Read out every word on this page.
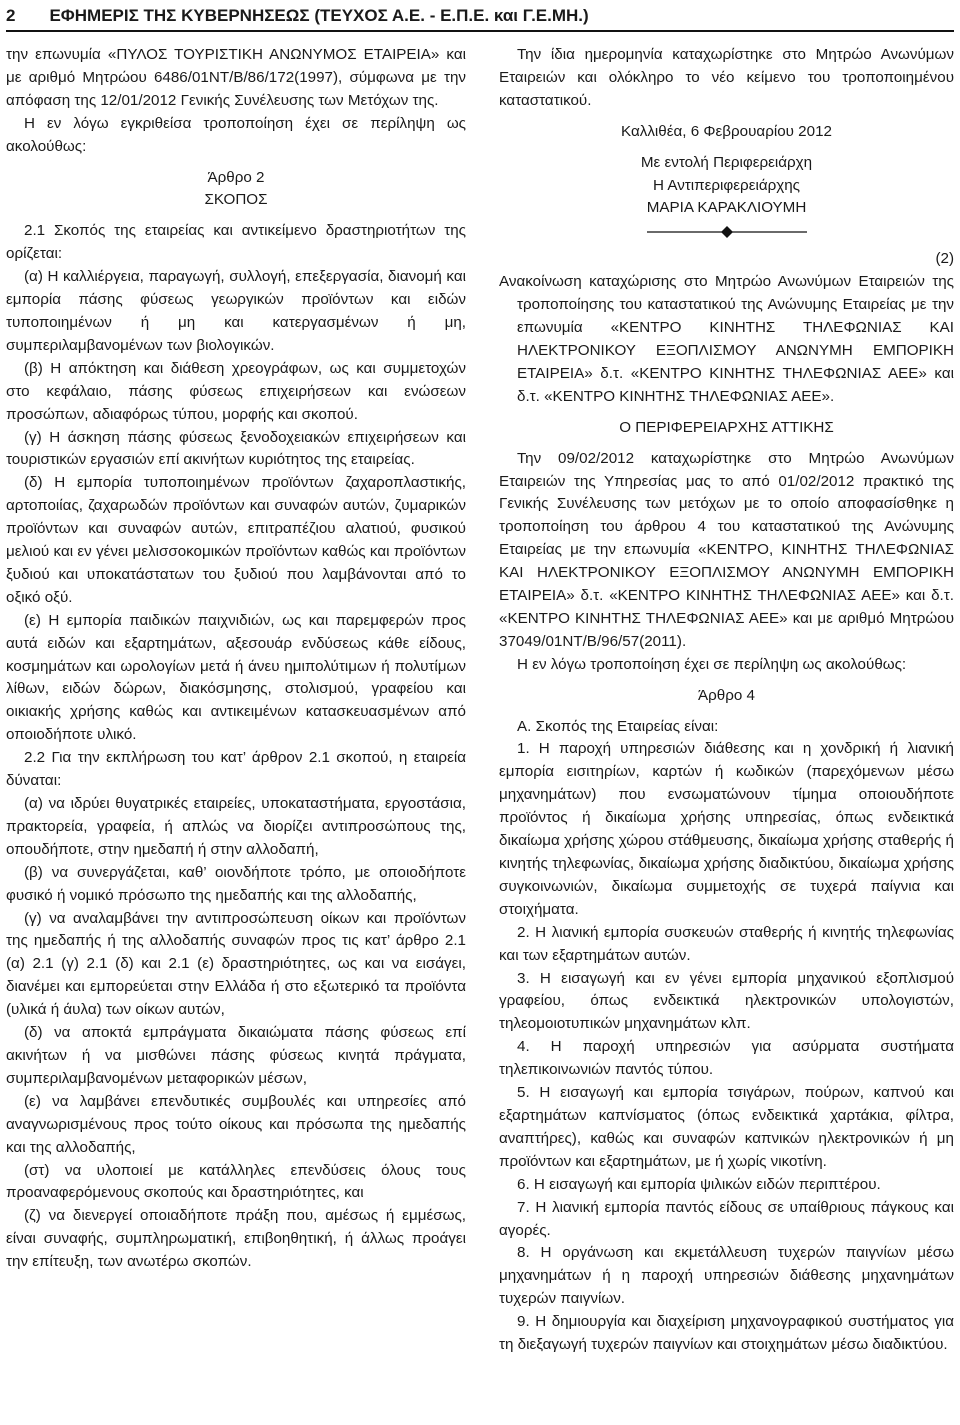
2 ΕΦΗΜΕΡΙΣ ΤΗΣ ΚΥΒΕΡΝΗΣΕΩΣ (ΤΕΥΧΟΣ Α.Ε. - Ε.Π.Ε. και Γ.Ε.ΜΗ.)

την επωνυμία «ΠΥΛΟΣ ΤΟΥΡΙΣΤΙΚΗ ΑΝΩΝΥΜΟΣ ΕΤΑΙΡΕΙΑ» και με αριθμό Μητρώου 6486/01ΝΤ/Β/86/172(1997), σύμφωνα με την απόφαση της 12/01/2012 Γενικής Συνέλευσης των Μετόχων της.

Η εν λόγω εγκριθείσα τροποποίηση έχει σε περίληψη ως ακολούθως:

Άρθρο 2

ΣΚΟΠΟΣ

2.1 Σκοπός της εταιρείας και αντικείμενο δραστηριοτήτων της ορίζεται:

(α) Η καλλιέργεια, παραγωγή, συλλογή, επεξεργασία, διανομή και εμπορία πάσης φύσεως γεωργικών προϊόντων και ειδών τυποποιημένων ή μη και κατεργασμένων ή μη, συμπεριλαμβανομένων των βιολογικών.

(β) Η απόκτηση και διάθεση χρεογράφων, ως και συμμετοχών στο κεφάλαιο, πάσης φύσεως επιχειρήσεων και ενώσεων προσώπων, αδιαφόρως τύπου, μορφής και σκοπού.

(γ) Η άσκηση πάσης φύσεως ξενοδοχειακών επιχειρήσεων και τουριστικών εργασιών επί ακινήτων κυριότητος της εταιρείας.

(δ) Η εμπορία τυποποιημένων προϊόντων ζαχαροπλαστικής, αρτοποιίας, ζαχαρωδών προϊόντων και συναφών αυτών, ζυμαρικών προϊόντων και συναφών αυτών, επιτραπέζιου αλατιού, φυσικού μελιού και εν γένει μελισσοκομικών προϊόντων καθώς και προϊόντων ξυδιού και υποκατάστατων του ξυδιού που λαμβάνονται από το οξικό οξύ.

(ε) Η εμπορία παιδικών παιχνιδιών, ως και παρεμφερών προς αυτά ειδών και εξαρτημάτων, αξεσουάρ ενδύσεως κάθε είδους, κοσμημάτων και ωρολογίων μετά ή άνευ ημιπολύτιμων ή πολυτίμων λίθων, ειδών δώρων, διακόσμησης, στολισμού, γραφείου και οικιακής χρήσης καθώς και αντικειμένων κατασκευασμένων από οποιοδήποτε υλικό.

2.2 Για την εκπλήρωση του κατ’ άρθρον 2.1 σκοπού, η εταιρεία δύναται:

(α) να ιδρύει θυγατρικές εταιρείες, υποκαταστήματα, εργοστάσια, πρακτορεία, γραφεία, ή απλώς να διορίζει αντιπροσώπους της, οπουδήποτε, στην ημεδαπή ή στην αλλοδαπή,

(β) να συνεργάζεται, καθ’ οιονδήποτε τρόπο, με οποιοδήποτε φυσικό ή νομικό πρόσωπο της ημεδαπής και της αλλοδαπής,

(γ) να αναλαμβάνει την αντιπροσώπευση οίκων και προϊόντων της ημεδαπής ή της αλλοδαπής συναφών προς τις κατ’ άρθρο 2.1 (α) 2.1 (γ) 2.1 (δ) και 2.1 (ε) δραστηριότητες, ως και να εισάγει, διανέμει και εμπορεύεται στην Ελλάδα ή στο εξωτερικό τα προϊόντα (υλικά ή άυλα) των οίκων αυτών,

(δ) να αποκτά εμπράγματα δικαιώματα πάσης φύσεως επί ακινήτων ή να μισθώνει πάσης φύσεως κινητά πράγματα, συμπεριλαμβανομένων μεταφορικών μέσων,

(ε) να λαμβάνει επενδυτικές συμβουλές και υπηρεσίες από αναγνωρισμένους προς τούτο οίκους και πρόσωπα της ημεδαπής και της αλλοδαπής,

(στ) να υλοποιεί με κατάλληλες επενδύσεις όλους τους προαναφερόμενους σκοπούς και δραστηριότητες, και

(ζ) να διενεργεί οποιαδήποτε πράξη που, αμέσως ή εμμέσως, είναι συναφής, συμπληρωματική, επιβοηθητική, ή άλλως προάγει την επίτευξη, των ανωτέρω σκοπών.

Την ίδια ημερομηνία καταχωρίστηκε στο Μητρώο Ανωνύμων Εταιρειών και ολόκληρο το νέο κείμενο του τροποποιημένου καταστατικού.

Καλλιθέα, 6 Φεβρουαρίου 2012

Με εντολή Περιφερειάρχη

Η Αντιπεριφερειάρχης

ΜΑΡΙΑ ΚΑΡΑΚΛΙΟΥΜΗ

(2)

Ανακοίνωση καταχώρισης στο Μητρώο Ανωνύμων Εταιρειών της τροποποίησης του καταστατικού της Ανώνυμης Εταιρείας με την επωνυμία «ΚΕΝΤΡΟ ΚΙΝΗΤΗΣ ΤΗΛΕΦΩΝΙΑΣ ΚΑΙ ΗΛΕΚΤΡΟΝΙΚΟΥ ΕΞΟΠΛΙΣΜΟΥ ΑΝΩΝΥΜΗ ΕΜΠΟΡΙΚΗ ΕΤΑΙΡΕΙΑ» δ.τ. «ΚΕΝΤΡΟ ΚΙΝΗΤΗΣ ΤΗΛΕΦΩΝΙΑΣ ΑΕΕ» και δ.τ. «ΚΕΝΤΡΟ ΚΙΝΗΤΗΣ ΤΗΛΕΦΩΝΙΑΣ ΑΕΕ».

Ο ΠΕΡΙΦΕΡΕΙΑΡΧΗΣ ΑΤΤΙΚΗΣ

Την 09/02/2012 καταχωρίστηκε στο Μητρώο Ανωνύμων Εταιρειών της Υπηρεσίας μας το από 01/02/2012 πρακτικό της Γενικής Συνέλευσης των μετόχων με το οποίο αποφασίσθηκε η τροποποίηση του άρθρου 4 του καταστατικού της Ανώνυμης Εταιρείας με την επωνυμία «ΚΕΝΤΡΟ, ΚΙΝΗΤΗΣ ΤΗΛΕΦΩΝΙΑΣ ΚΑΙ ΗΛΕΚΤΡΟΝΙΚΟΥ ΕΞΟΠΛΙΣΜΟΥ ΑΝΩΝΥΜΗ ΕΜΠΟΡΙΚΗ ΕΤΑΙΡΕΙΑ» δ.τ. «ΚΕΝΤΡΟ ΚΙΝΗΤΗΣ ΤΗΛΕΦΩΝΙΑΣ ΑΕΕ» και δ.τ. «ΚΕΝΤΡΟ ΚΙΝΗΤΗΣ ΤΗΛΕΦΩΝΙΑΣ ΑΕΕ» και με αριθμό Μητρώου 37049/01ΝΤ/Β/96/57(2011).

Η εν λόγω τροποποίηση έχει σε περίληψη ως ακολούθως:

Άρθρο 4

Α. Σκοπός της Εταιρείας είναι:

1. Η παροχή υπηρεσιών διάθεσης και η χονδρική ή λιανική εμπορία εισιτηρίων, καρτών ή κωδικών (παρεχόμενων μέσω μηχανημάτων) που ενσωματώνουν τίμημα οποιουδήποτε προϊόντος ή δικαίωμα χρήσης υπηρεσίας, όπως ενδεικτικά δικαίωμα χρήσης χώρου στάθμευσης, δικαίωμα χρήσης σταθερής ή κινητής τηλεφωνίας, δικαίωμα χρήσης διαδικτύου, δικαίωμα χρήσης συγκοινωνιών, δικαίωμα συμμετοχής σε τυχερά παίγνια και στοιχήματα.

2. Η λιανική εμπορία συσκευών σταθερής ή κινητής τηλεφωνίας και των εξαρτημάτων αυτών.

3. Η εισαγωγή και εν γένει εμπορία μηχανικού εξοπλισμού γραφείου, όπως ενδεικτικά ηλεκτρονικών υπολογιστών, τηλεομοιοτυπικών μηχανημάτων κλπ.

4. Η παροχή υπηρεσιών για ασύρματα συστήματα τηλεπικοινωνιών παντός τύπου.

5. Η εισαγωγή και εμπορία τσιγάρων, πούρων, καπνού και εξαρτημάτων καπνίσματος (όπως ενδεικτικά χαρτάκια, φίλτρα, αναπτήρες), καθώς και συναφών καπνικών ηλεκτρονικών ή μη προϊόντων και εξαρτημάτων, με ή χωρίς νικοτίνη.

6. Η εισαγωγή και εμπορία ψιλικών ειδών περιπτέρου.

7. Η λιανική εμπορία παντός είδους σε υπαίθριους πάγκους και αγορές.

8. Η οργάνωση και εκμετάλλευση τυχερών παιγνίων μέσω μηχανημάτων ή η παροχή υπηρεσιών διάθεσης μηχανημάτων τυχερών παιγνίων.

9. Η δημιουργία και διαχείριση μηχανογραφικού συστήματος για τη διεξαγωγή τυχερών παιγνίων και στοιχημάτων μέσω διαδικτύου.
